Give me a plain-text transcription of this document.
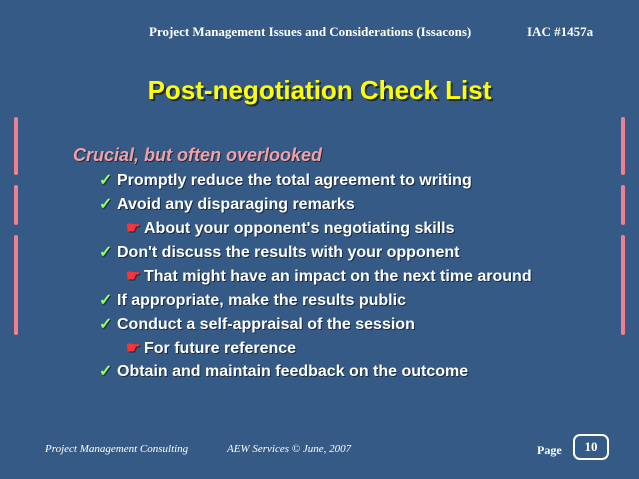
Project Management Issues and Considerations (Issacons)	IAC #1457a
Post-negotiation Check List
Crucial, but often overlooked
✓ Promptly reduce the total agreement to writing
✓ Avoid any disparaging remarks
☛ About your opponent's negotiating skills
✓ Don't discuss the results with your opponent
☛ That might have an impact on the next time around
✓ If appropriate, make the results public
✓ Conduct a self-appraisal of the session
☛ For future reference
✓ Obtain and maintain feedback on the outcome
Project Management Consulting	AEW Services © June, 2007	Page	10
